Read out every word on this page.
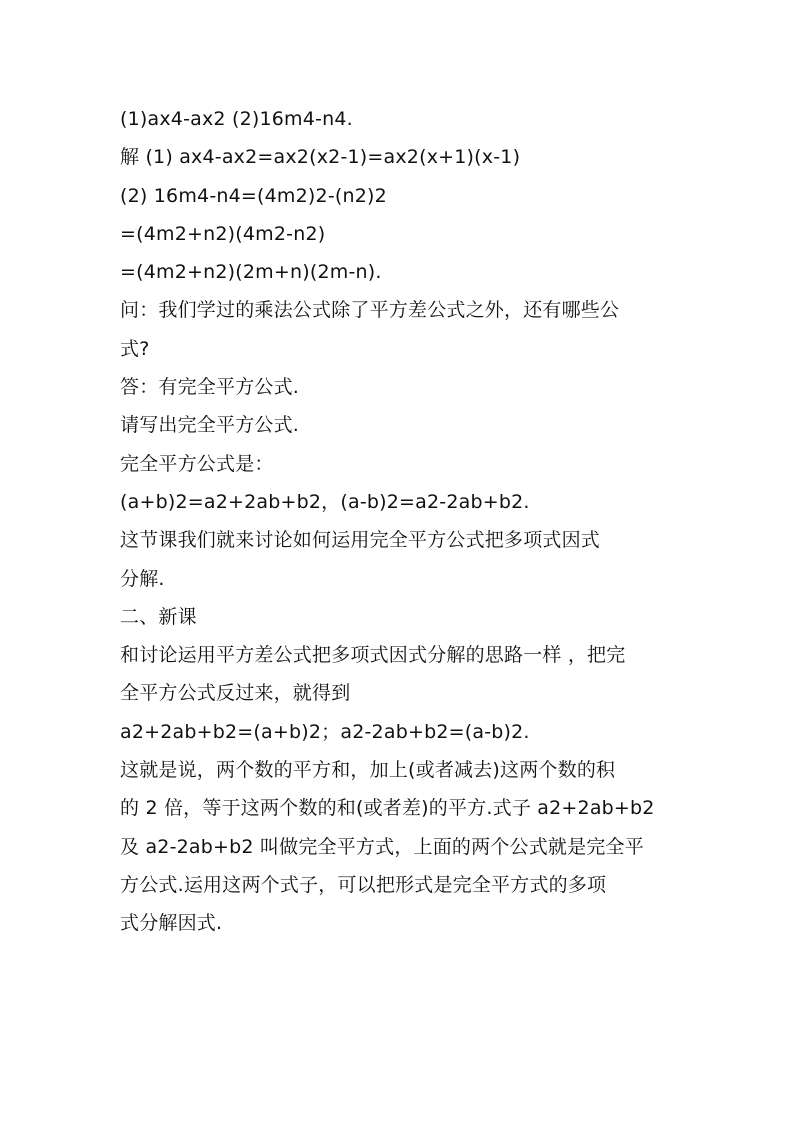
(1)ax4-ax2 (2)16m4-n4.
解 (1) ax4-ax2=ax2(x2-1)=ax2(x+1)(x-1)
(2) 16m4-n4=(4m2)2-(n2)2
=(4m2+n2)(4m2-n2)
=(4m2+n2)(2m+n)(2m-n).
问：我们学过的乘法公式除了平方差公式之外，还有哪些公
式?
答：有完全平方公式.
请写出完全平方公式.
完全平方公式是：
(a+b)2=a2+2ab+b2，(a-b)2=a2-2ab+b2.
这节课我们就来讨论如何运用完全平方公式把多项式因式
分解.
二、新课
和讨论运用平方差公式把多项式因式分解的思路一样 ，把完
全平方公式反过来，就得到
a2+2ab+b2=(a+b)2；a2-2ab+b2=(a-b)2.
这就是说，两个数的平方和，加上(或者减去)这两个数的积
的 2 倍，等于这两个数的和(或者差)的平方.式子 a2+2ab+b2
及 a2-2ab+b2 叫做完全平方式，上面的两个公式就是完全平
方公式.运用这两个式子，可以把形式是完全平方式的多项
式分解因式.
